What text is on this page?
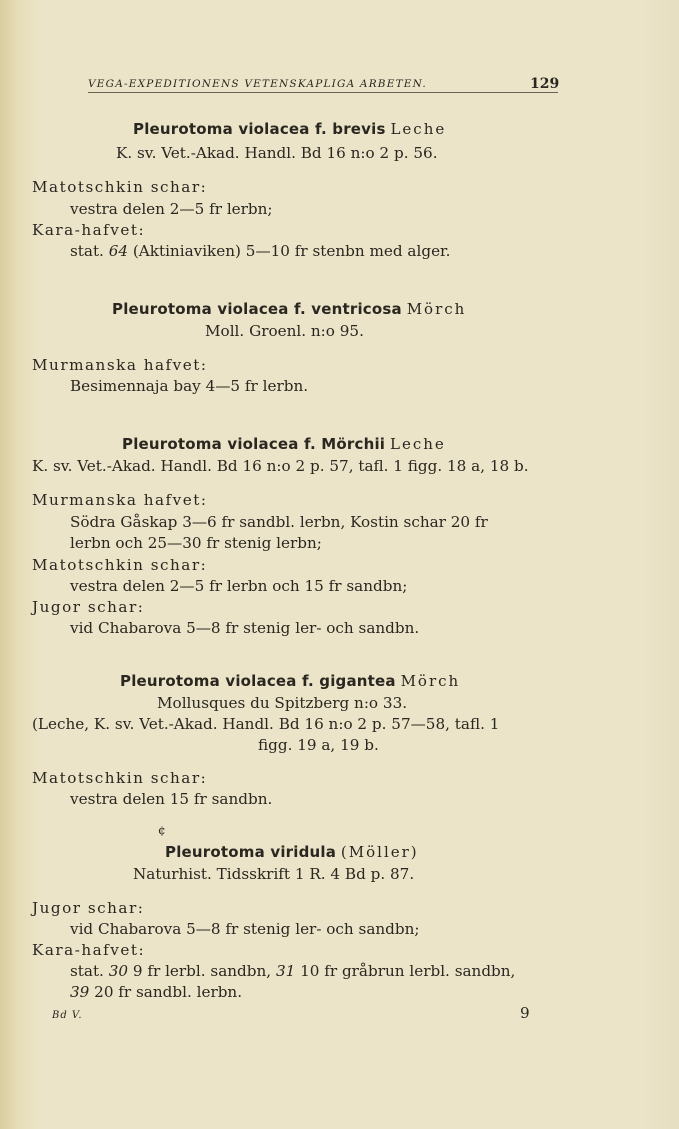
VEGA-EXPEDITIONENS VETENSKAPLIGA ARBETEN.	129
Pleurotoma violacea f. brevis Leche
K. sv. Vet.-Akad. Handl. Bd 16 n:o 2 p. 56.
Matotschkin schar:
vestra delen 2—5 fr lerbn;
Kara-hafvet:
stat. 64 (Aktiniaviken) 5—10 fr stenbn med alger.
Pleurotoma violacea f. ventricosa Mörch
Moll. Groenl. n:o 95.
Murmanska hafvet:
Besimennaja bay 4—5 fr lerbn.
Pleurotoma violacea f. Mörchii Leche
K. sv. Vet.-Akad. Handl. Bd 16 n:o 2 p. 57, tafl. 1 figg. 18 a, 18 b.
Murmanska hafvet:
Södra Gåskap 3—6 fr sandbl. lerbn, Kostin schar 20 fr
lerbn och 25—30 fr stenig lerbn;
Matotschkin schar:
vestra delen 2—5 fr lerbn och 15 fr sandbn;
Jugor schar:
vid Chabarova 5—8 fr stenig ler- och sandbn.
Pleurotoma violacea f. gigantea Mörch
Mollusques du Spitzberg n:o 33.
(Leche, K. sv. Vet.-Akad. Handl. Bd 16 n:o 2 p. 57—58, tafl. 1
figg. 19 a, 19 b.
Matotschkin schar:
vestra delen 15 fr sandbn.
¢
Pleurotoma viridula (Möller)
Naturhist. Tidsskrift 1 R. 4 Bd p. 87.
Jugor schar:
vid Chabarova 5—8 fr stenig ler- och sandbn;
Kara-hafvet:
stat. 30 9 fr lerbl. sandbn, 31 10 fr gråbrun lerbl. sandbn,
39 20 fr sandbl. lerbn.
Bd V.	9
